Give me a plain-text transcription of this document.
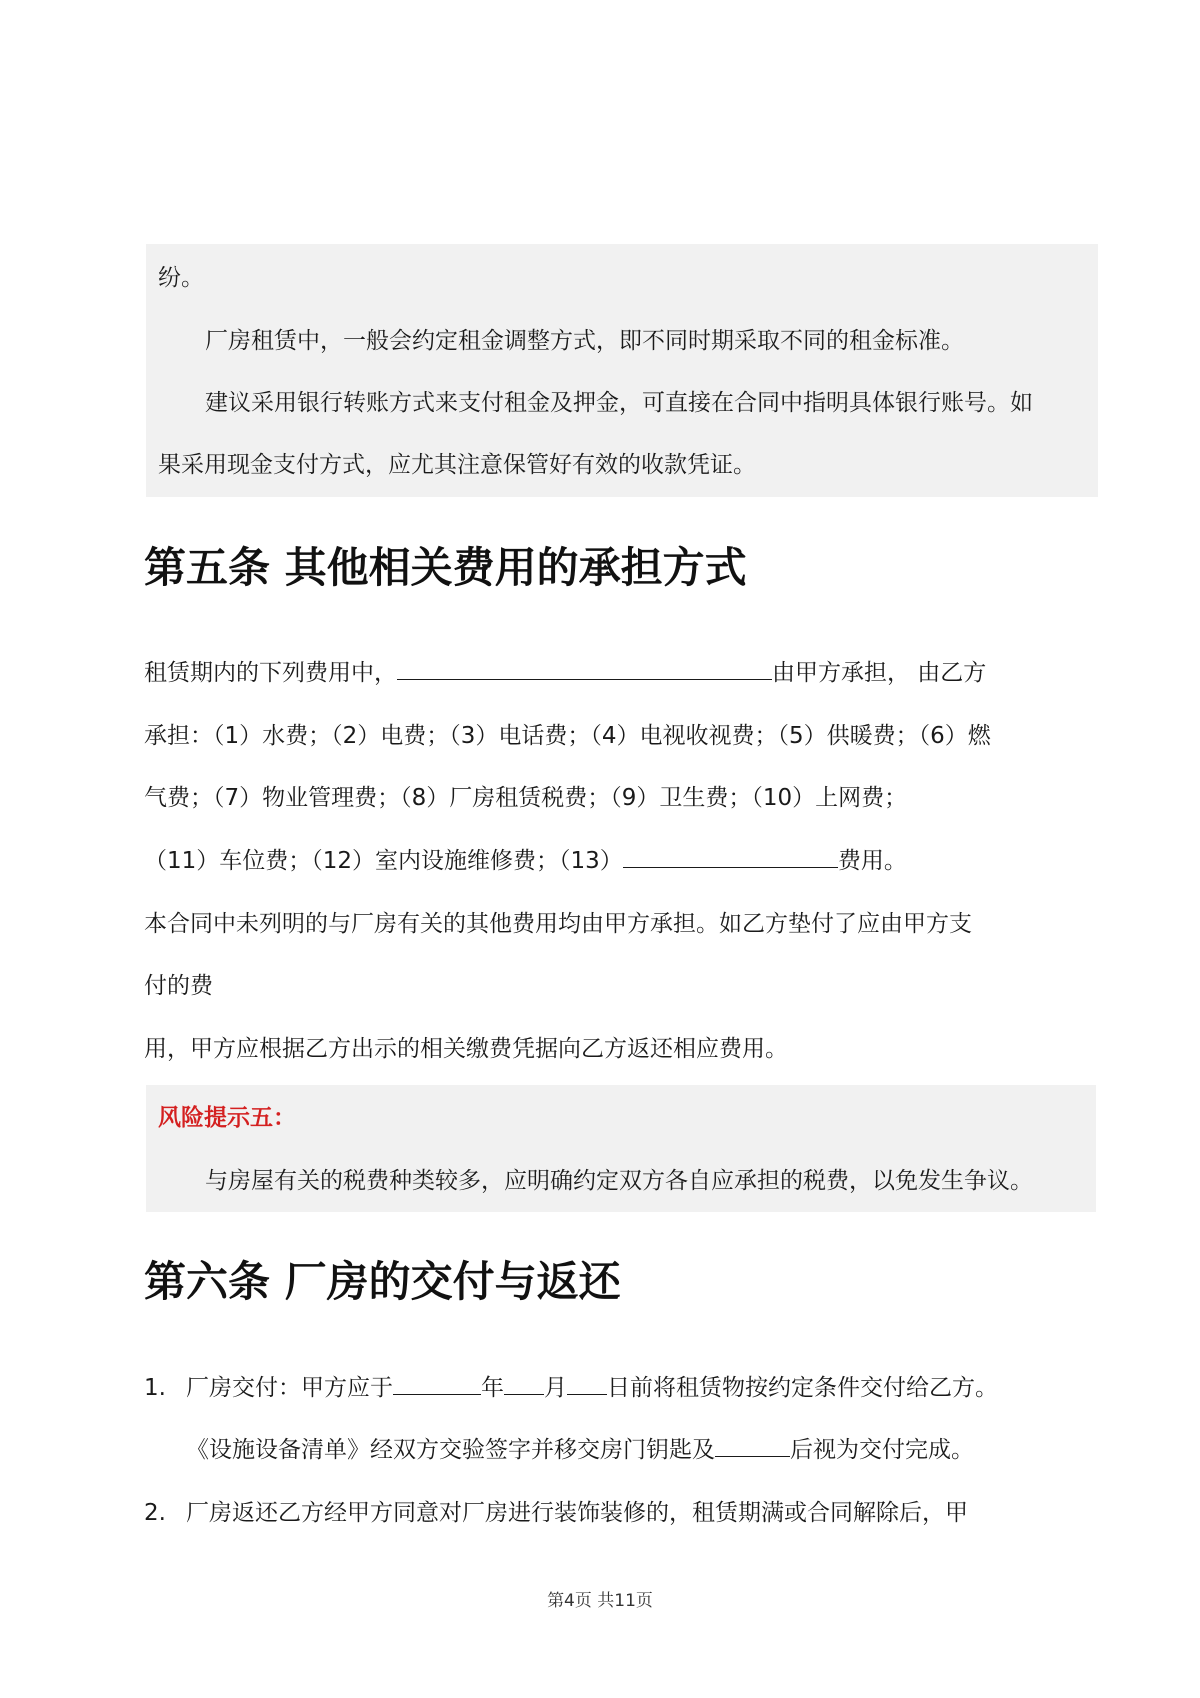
纷。
厂房租赁中，一般会约定租金调整方式，即不同时期采取不同的租金标准。
建议采用银行转账方式来支付租金及押金，可直接在合同中指明具体银行账号。如
果采用现金支付方式，应尤其注意保管好有效的收款凭证。
第五条 其他相关费用的承担方式
租赁期内的下列费用中，	由甲方承担， 由乙方
承担：（1）水费；（2）电费；（3）电话费；（4）电视收视费；（5）供暖费；（6）燃
气费；（7）物业管理费；（8）厂房租赁税费；（9）卫生费；（10）上网费；
（11）车位费；（12）室内设施维修费；（13）	费用。
本合同中未列明的与厂房有关的其他费用均由甲方承担。如乙方垫付了应由甲方支
付的费
用，甲方应根据乙方出示的相关缴费凭据向乙方返还相应费用。
风险提示五：
与房屋有关的税费种类较多，应明确约定双方各自应承担的税费，以免发生争议。
第六条 厂房的交付与返还
1. 厂房交付：甲方应于	年 月 日前将租赁物按约定条件交付给乙方。
《设施设备清单》经双方交验签字并移交房门钥匙及	后视为交付完成。
2. 厂房返还乙方经甲方同意对厂房进行装饰装修的，租赁期满或合同解除后，甲
第4页 共11页
